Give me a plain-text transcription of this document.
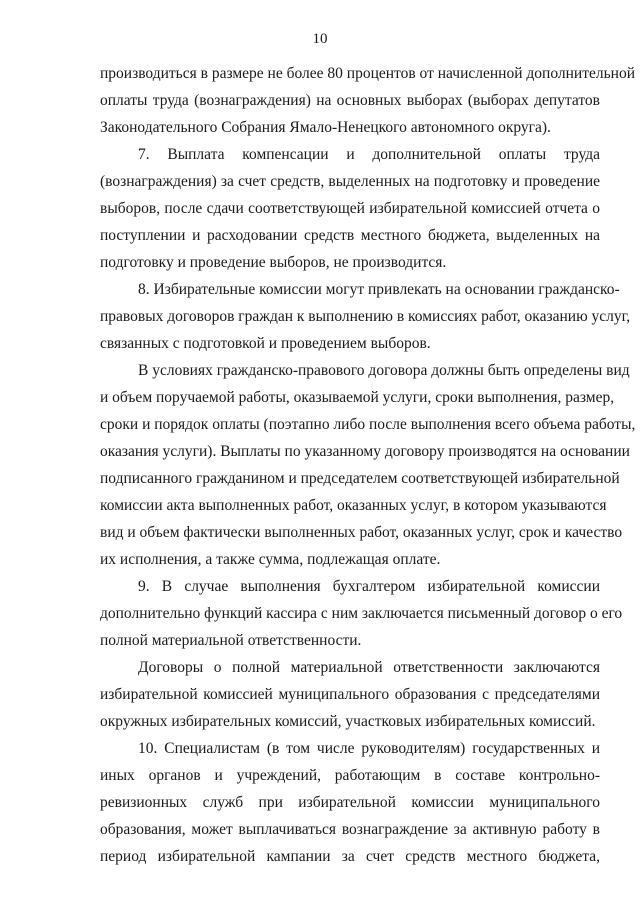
10
производиться в размере не более 80 процентов от начисленной дополнительной
оплаты труда (вознаграждения) на основных выборах (выборах депутатов
Законодательного Собрания Ямало-Ненецкого автономного округа).
7. Выплата компенсации и дополнительной оплаты труда
(вознаграждения) за счет средств, выделенных на подготовку и проведение
выборов, после сдачи соответствующей избирательной комиссией отчета о
поступлении и расходовании средств местного бюджета, выделенных на
подготовку и проведение выборов, не производится.
8. Избирательные комиссии могут привлекать на основании гражданско-
правовых договоров граждан к выполнению в комиссиях работ, оказанию услуг,
связанных с подготовкой и проведением выборов.
В условиях гражданско-правового договора должны быть определены вид
и объем поручаемой работы, оказываемой услуги, сроки выполнения, размер,
сроки и порядок оплаты (поэтапно либо после выполнения всего объема работы,
оказания услуги). Выплаты по указанному договору производятся на основании
подписанного гражданином и председателем соответствующей избирательной
комиссии акта выполненных работ, оказанных услуг, в котором указываются
вид и объем фактически выполненных работ, оказанных услуг, срок и качество
их исполнения, а также сумма, подлежащая оплате.
9. В случае выполнения бухгалтером избирательной комиссии
дополнительно функций кассира с ним заключается письменный договор о его
полной материальной ответственности.
Договоры о полной материальной ответственности заключаются
избирательной комиссией муниципального образования с председателями
окружных избирательных комиссий, участковых избирательных комиссий.
10. Специалистам (в том числе руководителям) государственных и
иных органов и учреждений, работающим в составе контрольно-
ревизионных служб при избирательной комиссии муниципального
образования, может выплачиваться вознаграждение за активную работу в
период избирательной кампании за счет средств местного бюджета,
